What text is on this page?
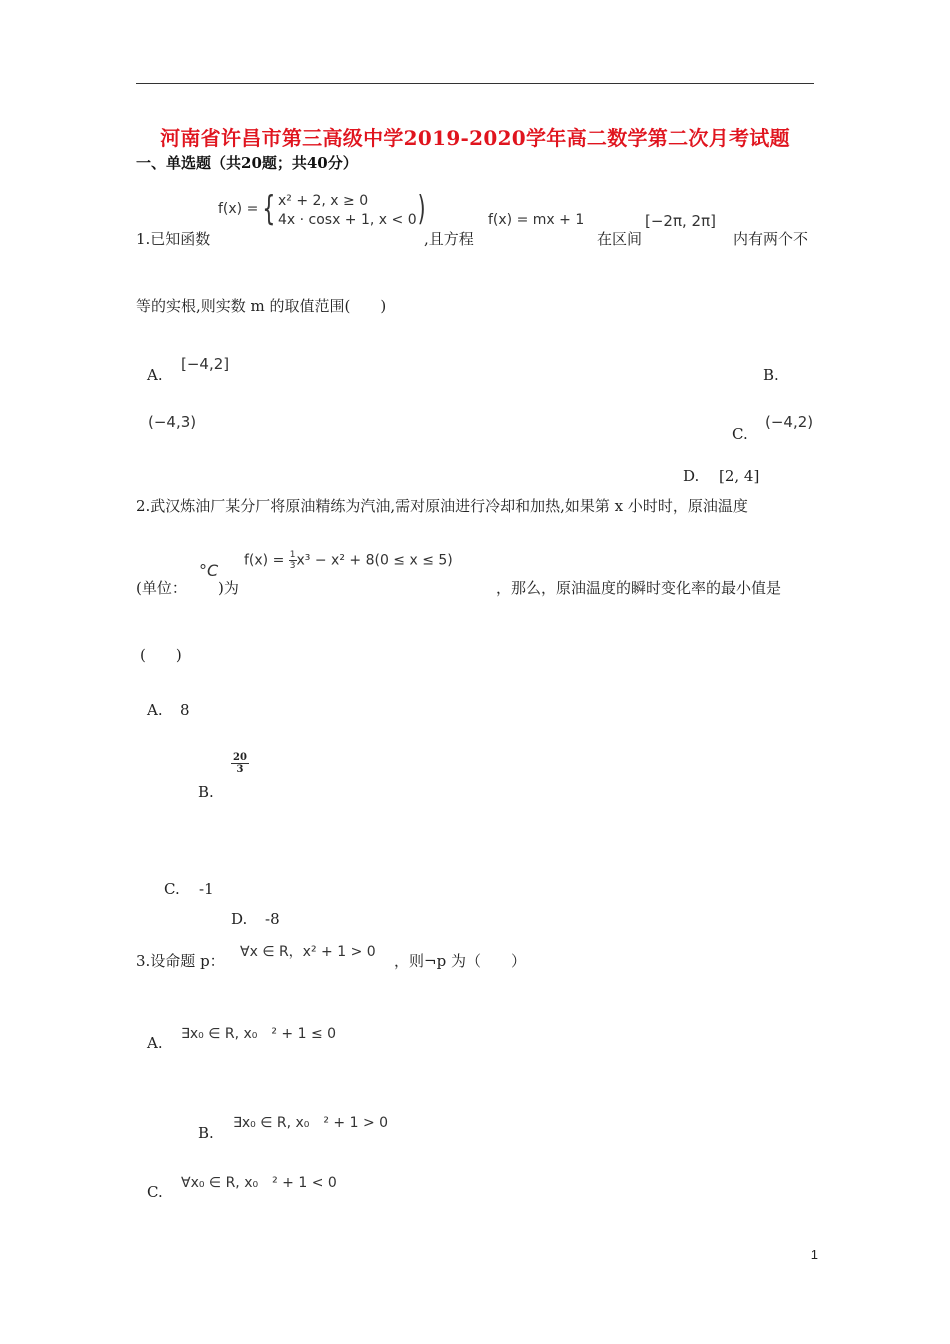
河南省许昌市第三高级中学2019-2020学年高二数学第二次月考试题
一、单选题（共20题；共40分）
f(x) = { x² + 2, x ≥ 0
4x · cosx + 1, x < 0 )
1.已知函数	,且方程
f(x) = mx + 1
在区间
[−2π, 2π]
内有两个不
等的实根,则实数 m 的取值范围(　　)
A.
[−4,2]
B.
(−4,3)
C.
(−4,2)
D. [2, 4]
2.武汉炼油厂某分厂将原油精练为汽油,需对原油进行冷却和加热,如果第 x 小时时，原油温度
(单位：
°C
)为
$f(x) = \frac{1}{3} x^3 - x^2 + 8(0 \le x \le 5)$
，那么，原油温度的瞬时变化率的最小值是
(　　)
A. 8
$\frac{20}{3}$
B.
C. -1
D. -8
3.设命题 p： ∀x ∈ R，x² + 1 > 0 ，则¬p 为（　　）
A. ∃x₀ ∈ R, x₀　² + 1 ≤ 0
B.
∃x₀ ∈ R, x₀　² + 1 > 0
C. ∀x₀ ∈ R, x₀　² + 1 < 0
1
